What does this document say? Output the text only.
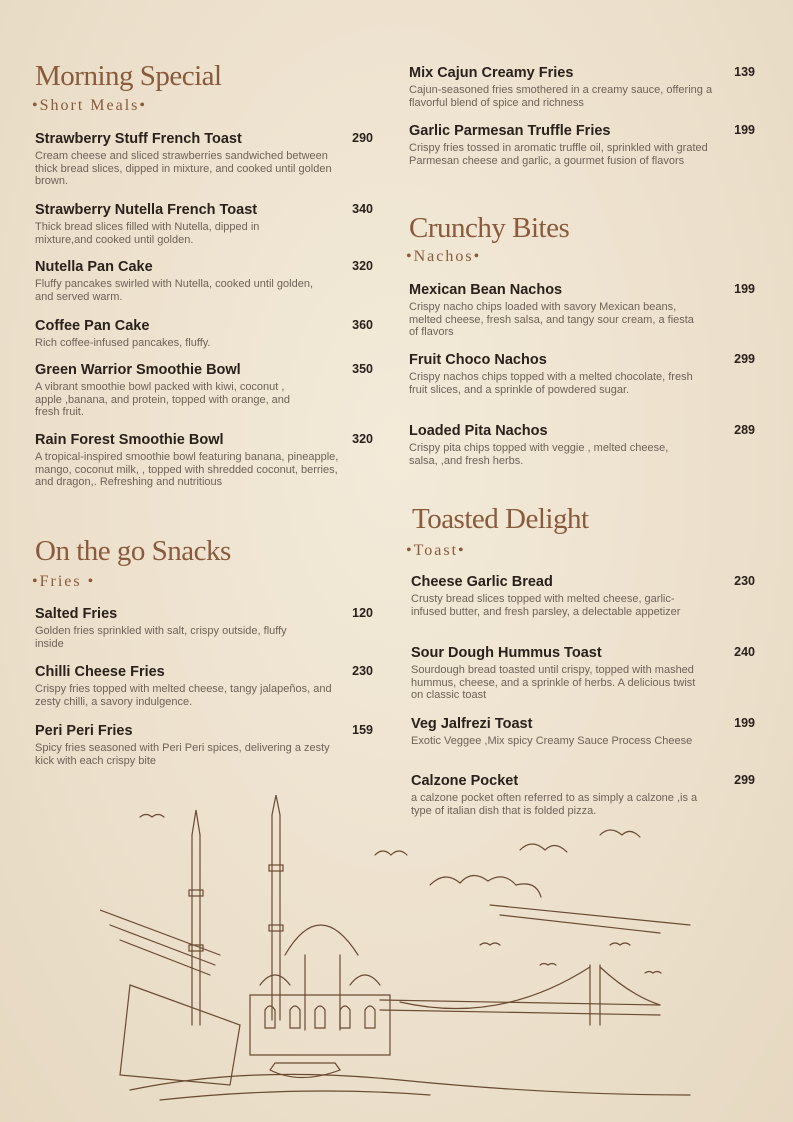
Morning Special
•Short Meals•
Strawberry Stuff French Toast	290
Cream cheese and sliced strawberries sandwiched between thick bread slices, dipped in mixture, and cooked until golden brown.
Strawberry Nutella French Toast	340
Thick bread slices filled with Nutella, dipped in mixture,and cooked until golden.
Nutella Pan Cake	320
Fluffy pancakes swirled with Nutella, cooked until golden, and served warm.
Coffee Pan Cake	360
Rich coffee-infused pancakes, fluffy.
Green Warrior Smoothie Bowl	350
A vibrant smoothie bowl packed with kiwi, coconut , apple ,banana, and protein, topped with orange, and fresh fruit.
Rain Forest Smoothie Bowl	320
A tropical-inspired smoothie bowl featuring banana, pineapple, mango, coconut milk, , topped with shredded coconut, berries, and dragon,. Refreshing and nutritious
On the go Snacks
•Fries •
Salted Fries	120
Golden fries sprinkled with salt, crispy outside, fluffy inside
Chilli Cheese Fries	230
Crispy fries topped with melted cheese, tangy jalapeños, and zesty chilli, a savory indulgence.
Peri Peri Fries	159
Spicy fries seasoned with Peri Peri spices, delivering a zesty kick with each crispy bite
Mix Cajun Creamy Fries	139
Cajun-seasoned fries smothered in a creamy sauce, offering a flavorful blend of spice and richness
Garlic Parmesan Truffle Fries	199
Crispy fries tossed in aromatic truffle oil, sprinkled with grated Parmesan cheese and garlic, a gourmet fusion of flavors
Crunchy Bites
•Nachos•
Mexican Bean Nachos	199
Crispy nacho chips loaded with savory Mexican beans, melted cheese, fresh salsa, and tangy sour cream, a fiesta of flavors
Fruit Choco Nachos	299
Crispy nachos chips topped with a melted chocolate, fresh fruit slices, and a sprinkle of powdered sugar.
Loaded Pita Nachos	289
Crispy pita chips topped with veggie , melted cheese, salsa, ,and fresh herbs.
Toasted Delight
•Toast•
Cheese Garlic Bread	230
Crusty bread slices topped with melted cheese, garlic-infused butter, and fresh parsley, a delectable appetizer
Sour Dough Hummus Toast	240
Sourdough bread toasted until crispy, topped with mashed hummus, cheese, and a sprinkle of herbs. A delicious twist on classic toast
Veg Jalfrezi Toast	199
Exotic Veggee ,Mix spicy Creamy Sauce Process Cheese
Calzone Pocket	299
a calzone pocket often referred to as simply a calzone ,is a type of italian dish that is folded pizza.
